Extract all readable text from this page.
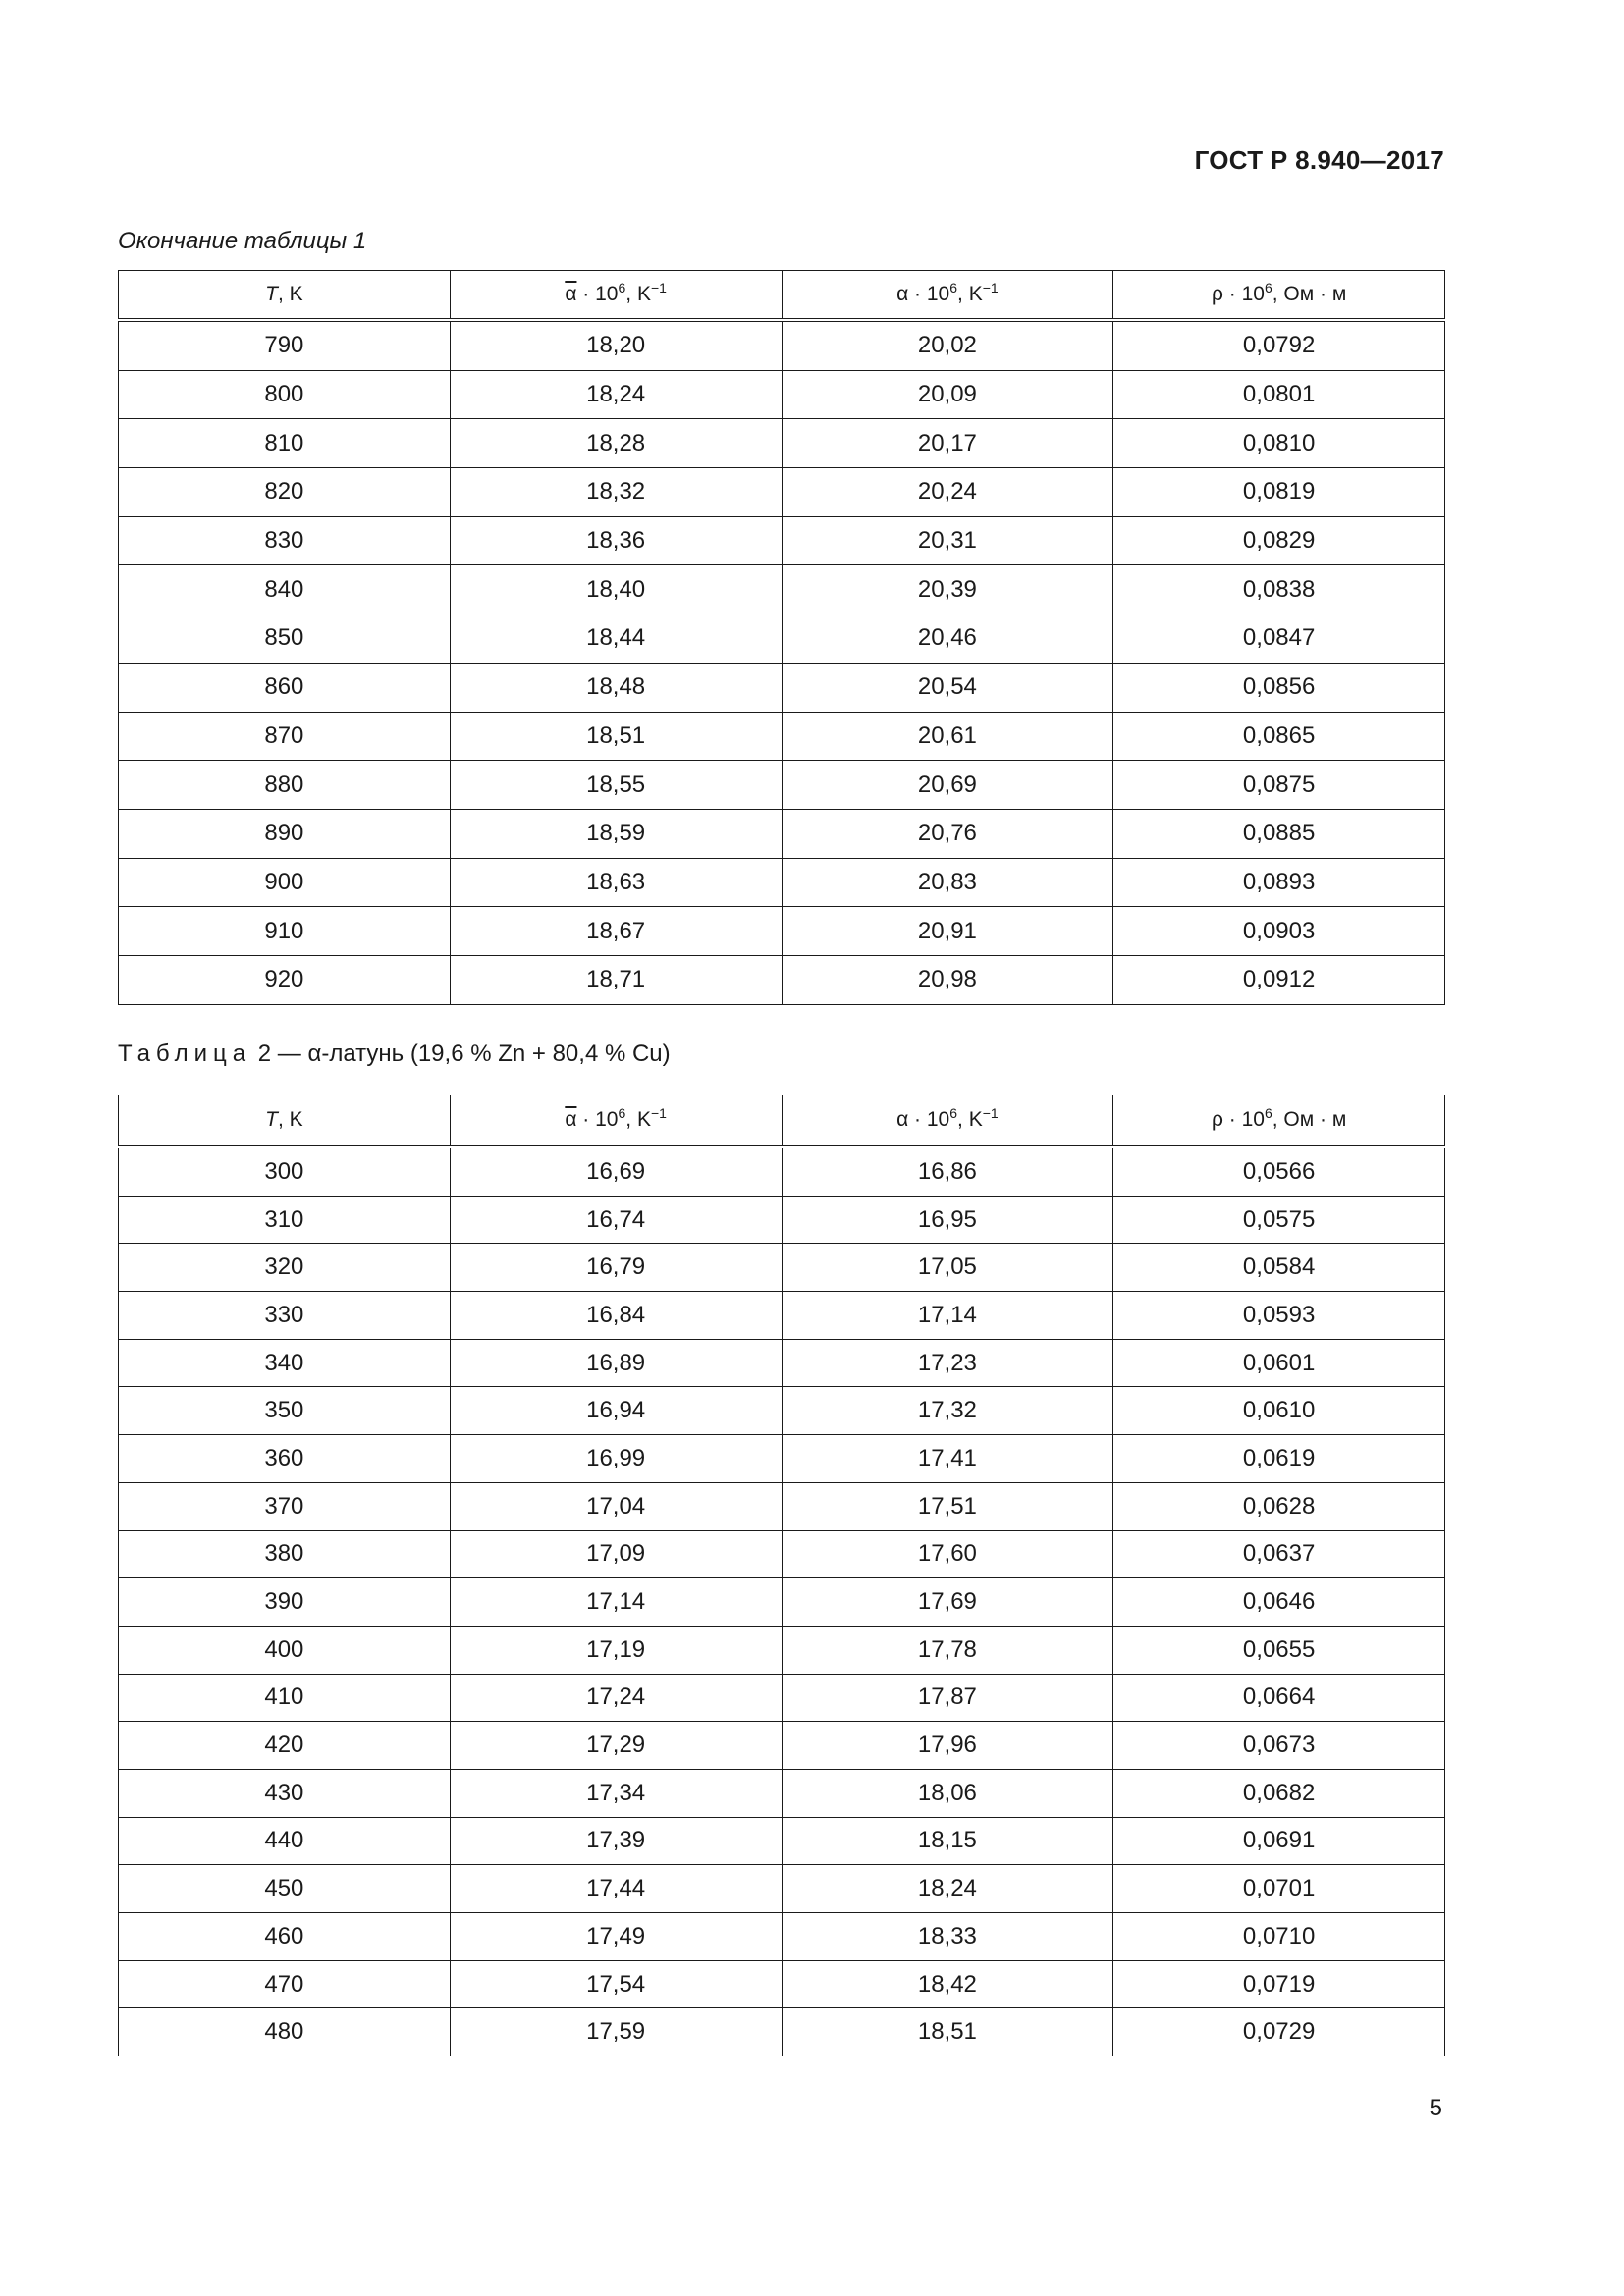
ГОСТ Р 8.940—2017
Окончание таблицы 1
T, K	$\overline{\alpha} \cdot 10^6$, $K^{-1}$	$\alpha \cdot 10^6$, $K^{-1}$	$\rho \cdot 10^6$, Ом · м
790	18,20	20,02	0,0792
800	18,24	20,09	0,0801
810	18,28	20,17	0,0810
820	18,32	20,24	0,0819
830	18,36	20,31	0,0829
840	18,40	20,39	0,0838
850	18,44	20,46	0,0847
860	18,48	20,54	0,0856
870	18,51	20,61	0,0865
880	18,55	20,69	0,0875
890	18,59	20,76	0,0885
900	18,63	20,83	0,0893
910	18,67	20,91	0,0903
920	18,71	20,98	0,0912
Таблица 2 — α-латунь (19,6 % Zn + 80,4 % Cu)
T, K	$\overline{\alpha} \cdot 10^6$, $K^{-1}$	$\alpha \cdot 10^6$, $K^{-1}$	$\rho \cdot 10^6$, Ом · м
300	16,69	16,86	0,0566
310	16,74	16,95	0,0575
320	16,79	17,05	0,0584
330	16,84	17,14	0,0593
340	16,89	17,23	0,0601
350	16,94	17,32	0,0610
360	16,99	17,41	0,0619
370	17,04	17,51	0,0628
380	17,09	17,60	0,0637
390	17,14	17,69	0,0646
400	17,19	17,78	0,0655
410	17,24	17,87	0,0664
420	17,29	17,96	0,0673
430	17,34	18,06	0,0682
440	17,39	18,15	0,0691
450	17,44	18,24	0,0701
460	17,49	18,33	0,0710
470	17,54	18,42	0,0719
480	17,59	18,51	0,0729
5
